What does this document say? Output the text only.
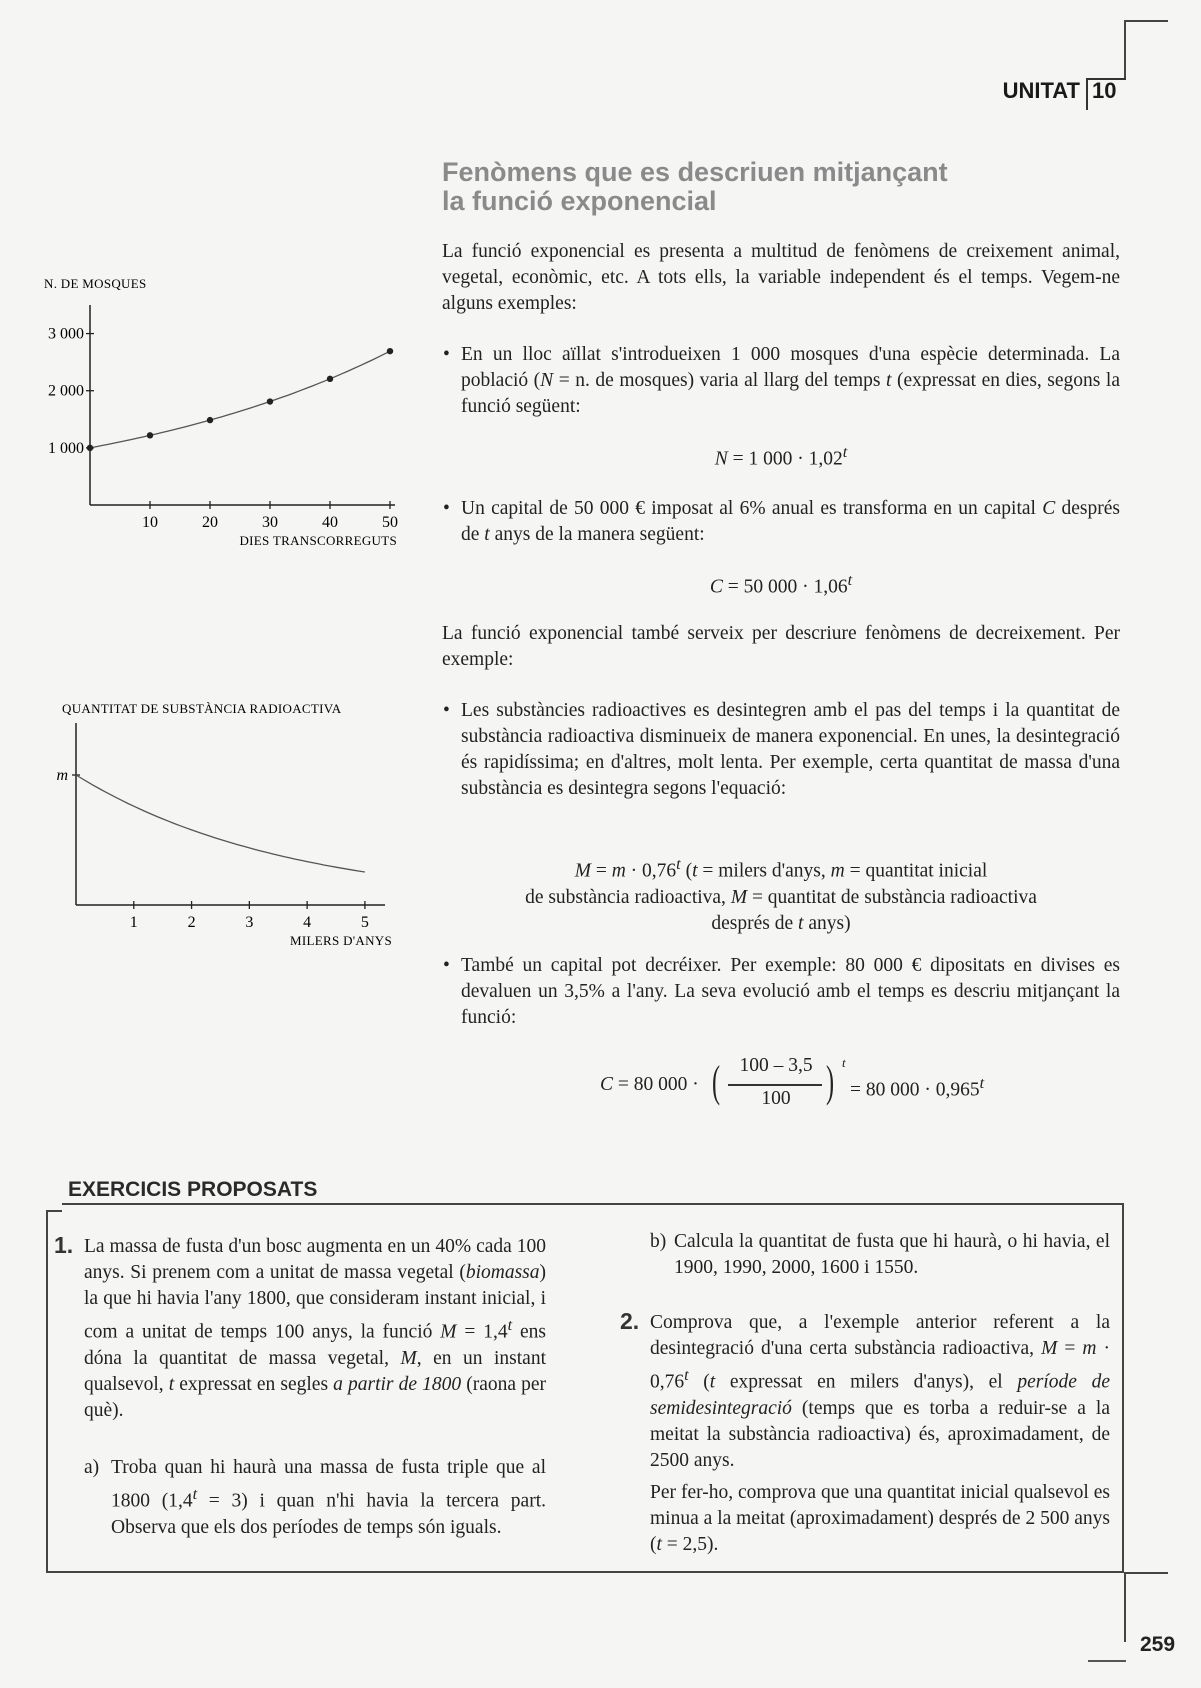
UNITAT 10
Fenòmens que es descriuen mitjançant
la funció exponencial
La funció exponencial es presenta a multitud de fenòmens de creixement animal, vegetal, econòmic, etc. A tots ells, la variable independent és el temps. Vegem-ne alguns exemples:
• En un lloc aïllat s'introdueixen 1 000 mosques d'una espècie determinada. La població (N = n. de mosques) varia al llarg del temps t (expressat en dies, segons la funció següent:
N = 1 $000 \cdot 1,02^t$
• Un capital de 50 000 € imposat al 6% anual es transforma en un capital C després de t anys de la manera següent:
C = 50 $000 \cdot 1,06^t$
La funció exponencial també serveix per descriure fenòmens de decreixement. Per exemple:
• Les substàncies radioactives es desintegren amb el pas del temps i la quantitat de substància radioactiva disminueix de manera exponencial. En unes, la desintegració és rapidíssima; en d'altres, molt lenta. Per exemple, certa quantitat de massa d'una substància es desintegra segons l'equació:
$M = m \cdot 0,76^t$ (t = milers d'anys, m = quantitat inicial
de substància radioactiva, M = quantitat de substància radioactiva
després de t anys)
• També un capital pot decréixer. Per exemple: 80 000 € dipositats en divises es devaluen un 3,5% a l'any. La seva evolució amb el temps es descriu mitjançant la funció:
C = 80 000 · ( 100 – 3,5
100 ) t
= 80 $000 \cdot 0,965^t$
N. DE MOSQUES
1 000
2 000
3 000
10	20	30	40	50
DIES TRANSCORREGUTS
QUANTITAT DE SUBSTÀNCIA RADIOACTIVA
m
1	2	3	4	5
MILERS D'ANYS
EXERCICIS PROPOSATS
1. La massa de fusta d'un bosc augmenta en un 40% cada 100 anys. Si prenem com a unitat de massa vegetal (biomassa) la que hi havia l'any 1800, que consideram instant inicial, i com a unitat de temps 100 anys, la funció $M = 1,4^t$ ens dóna la quantitat de massa vegetal, M, en un instant qualsevol, t expressat en segles a partir de 1800 (raona per què).
a) Troba quan hi haurà una massa de fusta triple que al 1800 $(1,4^t = 3)$ i quan n'hi havia la tercera part. Observa que els dos períodes de temps són iguals.
b) Calcula la quantitat de fusta que hi haurà, o hi havia, el 1900, 1990, 2000, 1600 i 1550.
2. Comprova que, a l'exemple anterior referent a la desintegració d'una certa substància radioactiva, $M = m \cdot 0,76^t$ (t expressat en milers d'anys), el període de semidesintegració (temps que es torba a reduir-se a la meitat la substància radioactiva) és, aproximadament, de 2500 anys.
Per fer-ho, comprova que una quantitat inicial qualsevol es minua a la meitat (aproximadament) després de 2 500 anys (t = 2,5).
259
